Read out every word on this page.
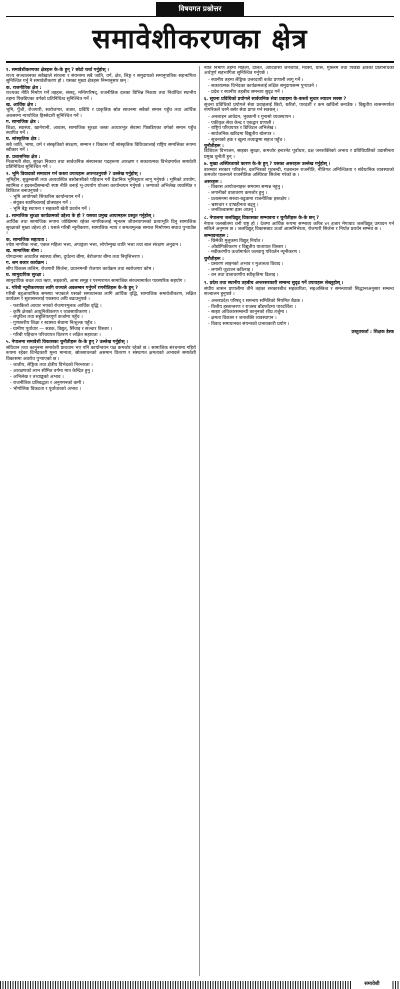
विषयगत प्रश्नोत्तर
समावेशीकरणका क्षेत्र
१. समावेशीकरणका क्षेत्रहरू के-के हुन् ? छोटो चर्चा गर्नुहोस् ।
राज्य सञ्चालनका सबैखाले संरचना र संयन्त्रमा सबै जाति, वर्ग, क्षेत्र, लिङ्ग र समुदायको समानुपातिक सहभागिता सुनिश्चित गर्नु नै समावेशीकरण हो । यसका मुख्य क्षेत्रहरू निम्नानुसार छन् :
क. राजनीतिक क्षेत्र :
राज्यका नीति निर्माण गर्ने तहहरू, संसद्, मन्त्रिपरिषद्, राजनीतिक दलका विभिन्न निकाय तथा निर्वाचित स्थानीय तहमा पिछडिएका वर्गको प्रतिनिधित्व सुनिश्चित गर्ने ।
ख. आर्थिक क्षेत्र :
भूमि, पुँजी, रोजगारी, स्वरोजगार, बजार, प्रविधि र प्राकृतिक स्रोत साधनमा सबैको समान पहुँच तथा आर्थिक अवसरमा न्यायोचित हिस्सेदारी सुनिश्चित गर्ने ।
ग. सामाजिक क्षेत्र :
शिक्षा, स्वास्थ्य, खानेपानी, आवास, सामाजिक सुरक्षा जस्ता आधारभूत सेवामा पिछडिएका वर्गको समान पहुँच स्थापित गर्ने ।
घ. सांस्कृतिक क्षेत्र :
सबै जाति, भाषा, धर्म र संस्कृतिको संरक्षण, सम्मान र विकास गर्दै सांस्कृतिक विविधतालाई राष्ट्रिय सम्पत्तिका रूपमा स्वीकार गर्ने ।
ङ. प्रशासनिक क्षेत्र :
निजामती सेवा, सुरक्षा निकाय तथा सार्वजनिक संस्थानका पदहरूमा आरक्षण र सकारात्मक विभेदमार्फत समावेशी प्रतिनिधित्व सुनिश्चित गर्ने ।
२. भूमि विवादको समाधान गर्न कस्ता उपायहरू अपनाउनुपर्छ ? उल्लेख गर्नुहोस् ।
भूमिहीन, सुकुम्बासी तथा अव्यवस्थित बसोबासीको पहिचान गरी वैज्ञानिक भूमिसुधार लागू गर्नुपर्छ । भूमिको उपयोग, स्वामित्व र हदबन्दीसम्बन्धी स्पष्ट नीति बनाई भू-उपयोग योजना कार्यान्वयन गर्नुपर्छ । जग्गाको अभिलेख व्यवस्थित र डिजिटल बनाउनुपर्छ ।
- भूमि आयोगको सिफारिस कार्यान्वयन गर्ने ।
- संयुक्त स्वामित्वलाई प्रोत्साहन गर्ने ।
- भूमि बैङ्क स्थापना र सहकारी खेती प्रवर्धन गर्ने ।
३. सामाजिक सुरक्षा कार्यक्रमको उद्देश्य के हो ? यसका प्रमुख आयामहरू प्रस्तुत गर्नुहोस् ।
आर्थिक तथा सामाजिक रूपमा जोखिममा रहेका नागरिकलाई न्यूनतम जीवनयापनको प्रत्याभूति दिनु सामाजिक सुरक्षाको मुख्य उद्देश्य हो । यसले गरिबी न्यूनीकरण, सामाजिक न्याय र समतामूलक समाज निर्माणमा सघाउ पुर्‍याउँछ ।
क. सामाजिक सहायता :
ज्येष्ठ नागरिक भत्ता, एकल महिला भत्ता, अपाङ्गता भत्ता, लोपोन्मुख जाति भत्ता तथा बाल संरक्षण अनुदान ।
ख. सामाजिक बीमा :
योगदानमा आधारित स्वास्थ्य बीमा, दुर्घटना बीमा, बेरोजगार बीमा तथा निवृत्तिभरण ।
ग. श्रम बजार कार्यक्रम :
सीप विकास तालिम, रोजगारी सिर्जना, प्रधानमन्त्री रोजगार कार्यक्रम तथा स्वरोजगार कोष ।
घ. सामुदायिक सुरक्षा :
सामुदायिक बचत तथा ऋण, सहकारी, आमा समूह र परम्परागत सामाजिक संरचनामार्फत पारस्परिक सहयोग ।
४. गरिबी न्यूनीकरणका लागि राज्यले अवलम्बन गर्नुपर्ने रणनीतिहरू के-के हुन् ?
गरिबी बहुआयामिक समस्या भएकाले यसको समाधानका लागि आर्थिक वृद्धि, सामाजिक समावेशीकरण, लक्षित कार्यक्रम र सुशासनलाई एकसाथ अघि बढाउनुपर्छ ।
- फराकिलो आधार भएको रोजगारमूलक आर्थिक वृद्धि ।
- कृषि क्षेत्रको आधुनिकीकरण र व्यवसायीकरण ।
- लघुवित्त तथा सहुलियतपूर्ण कर्जामा पहुँच ।
- गुणस्तरीय शिक्षा र स्वास्थ्य सेवामा निःशुल्क पहुँच ।
- ग्रामीण पूर्वाधार — सडक, विद्युत्, सिँचाइ र सञ्चार विस्तार ।
- गरिबी पहिचान परिचयपत्र वितरण र लक्षित सहायता ।
५. नेपालमा समावेशी विकासका चुनौतीहरू के-के हुन् ? उल्लेख गर्नुहोस् ।
संविधान तथा कानुनमा समावेशी प्रावधान भए पनि कार्यान्वयन पक्ष कमजोर रहेको छ । सामाजिक संरचनामा गहिरो रूपमा रहेका विभेदकारी मूल्य मान्यता, स्रोतसाधनको असमान वितरण र संस्थागत क्षमताको अभावले समावेशी विकासमा अवरोध पुर्‍याएको छ ।
- जातीय, लैङ्गिक तथा क्षेत्रीय विभेदको निरन्तरता ।
- आरक्षणको लाभ सीमित वर्गमा मात्र केन्द्रित हुनु ।
- अभिलेख र तथ्याङ्कको अभाव ।
- राजनीतिक प्रतिबद्धता र अनुगमनको कमी ।
- भौगोलिक विकटता र पूर्वाधारको अभाव ।
नीति निर्माण तहमा महिला, दलित, आदिवासी जनजाति, मधेसी, थारू, मुस्लिम तथा पिछडा क्षेत्रका प्रतिनिधिको अर्थपूर्ण सहभागिता सुनिश्चित गर्नुपर्छ ।
- स्थानीय तहमा लैङ्गिक उत्तरदायी बजेट प्रणाली लागू गर्ने ।
- सकारात्मक विभेदका कार्यक्रमलाई लक्षित समुदायसम्म पुर्‍याउने ।
- प्रदेश र स्थानीय तहबीच समन्वय सुदृढ गर्ने ।
६. सूचना प्रविधिको प्रयोगले सार्वजनिक सेवा प्रवाहमा के-कस्तो सुधार ल्याउन सक्छ ?
सूचना प्रविधिको प्रयोगले सेवा प्रवाहलाई छिटो, छरितो, पारदर्शी र कम खर्चिलो बनाउँछ । विद्युतीय शासनमार्फत नागरिकले घरमै बसेर सेवा प्राप्त गर्न सक्छन् ।
- अनलाइन आवेदन, भुक्तानी र गुनासो व्यवस्थापन ।
- एकीकृत सेवा केन्द्र र एकद्वार प्रणाली ।
- राष्ट्रिय परिचयपत्र र डिजिटल अभिलेख ।
- सार्वजनिक खरिदमा विद्युतीय बोलपत्र ।
- सूचनाको हक र खुला तथ्याङ्कमा सहज पहुँच ।
चुनौतीहरू :
डिजिटल विभाजन, साइबर सुरक्षा, कमजोर इन्टरनेट पूर्वाधार, दक्ष जनशक्तिको अभाव र प्रविधिप्रतिको उदासीनता प्रमुख चुनौती हुन् ।
७. मुख्य अस्थिरताको कारण के-के हुन् ? यसका असरहरू उल्लेख गर्नुहोस् ।
बारम्बार सरकार परिवर्तन, दलभित्रको गुटबन्दी, गठबन्धन राजनीति, नीतिगत अनिश्चितता र संवैधानिक व्यवस्थाको कमजोर पालनाले राजनीतिक अस्थिरता सिर्जना गरेको छ ।
असरहरू :
- विकास आयोजनाहरू समयमा सम्पन्न नहुनु ।
- लगानीको वातावरण कमजोर हुनु ।
- प्रशासनमा सरुवा-बढुवामा राजनीतिक हस्तक्षेप ।
- भ्रष्टाचार र दण्डहीनता बढ्नु ।
- जनविश्वासमा ह्रास आउनु ।
८. नेपालमा जलविद्युत् विकासका सम्भावना र चुनौतीहरू के-के छन् ?
नेपाल जलस्रोतमा धनी राष्ट्र हो । देशमा आर्थिक रूपमा सम्भाव्य करिब ४२ हजार मेगावाट जलविद्युत् उत्पादन गर्न सकिने अनुमान छ । जलविद्युत् विकासबाट ऊर्जा आत्मनिर्भरता, रोजगारी सिर्जना र निर्यात प्रवर्धन सम्भव छ ।
सम्भावनाहरू :
- छिमेकी मुलुकमा विद्युत् निर्यात ।
- औद्योगिकीकरण र विद्युतीय यातायात विस्तार ।
- नवीकरणीय ऊर्जामार्फत जलवायु परिवर्तन न्यूनीकरण ।
चुनौतीहरू :
- प्रसारण लाइनको अभाव र मुआब्जा विवाद ।
- लगानी जुटाउन कठिनाइ ।
- वन तथा वातावरणीय स्वीकृतिमा ढिलाइ ।
९. प्रदेश तथा स्थानीय तहबीच अन्तरसरकारी सम्बन्ध सुदृढ गर्ने उपायहरू लेख्नुहोस् ।
संघीय शासन प्रणालीमा तीनै तहका सरकारबीच सहकारिता, सहअस्तित्व र समन्वयको सिद्धान्तअनुसार सम्बन्ध सञ्चालन हुनुपर्छ ।
- अन्तरप्रदेश परिषद् र समन्वय समितिको नियमित बैठक ।
- वित्तीय हस्तान्तरण र राजस्व बाँडफाँटमा पारदर्शिता ।
- साझा अधिकारसम्बन्धी कानुनको शीघ्र तर्जुमा ।
- क्षमता विकास र जनशक्ति व्यवस्थापन ।
- विवाद समाधानका संयन्त्रको प्रभावकारी प्रयोग ।
प्रस्तुतकर्ता : शिक्षक डेस्क
समावेशी
